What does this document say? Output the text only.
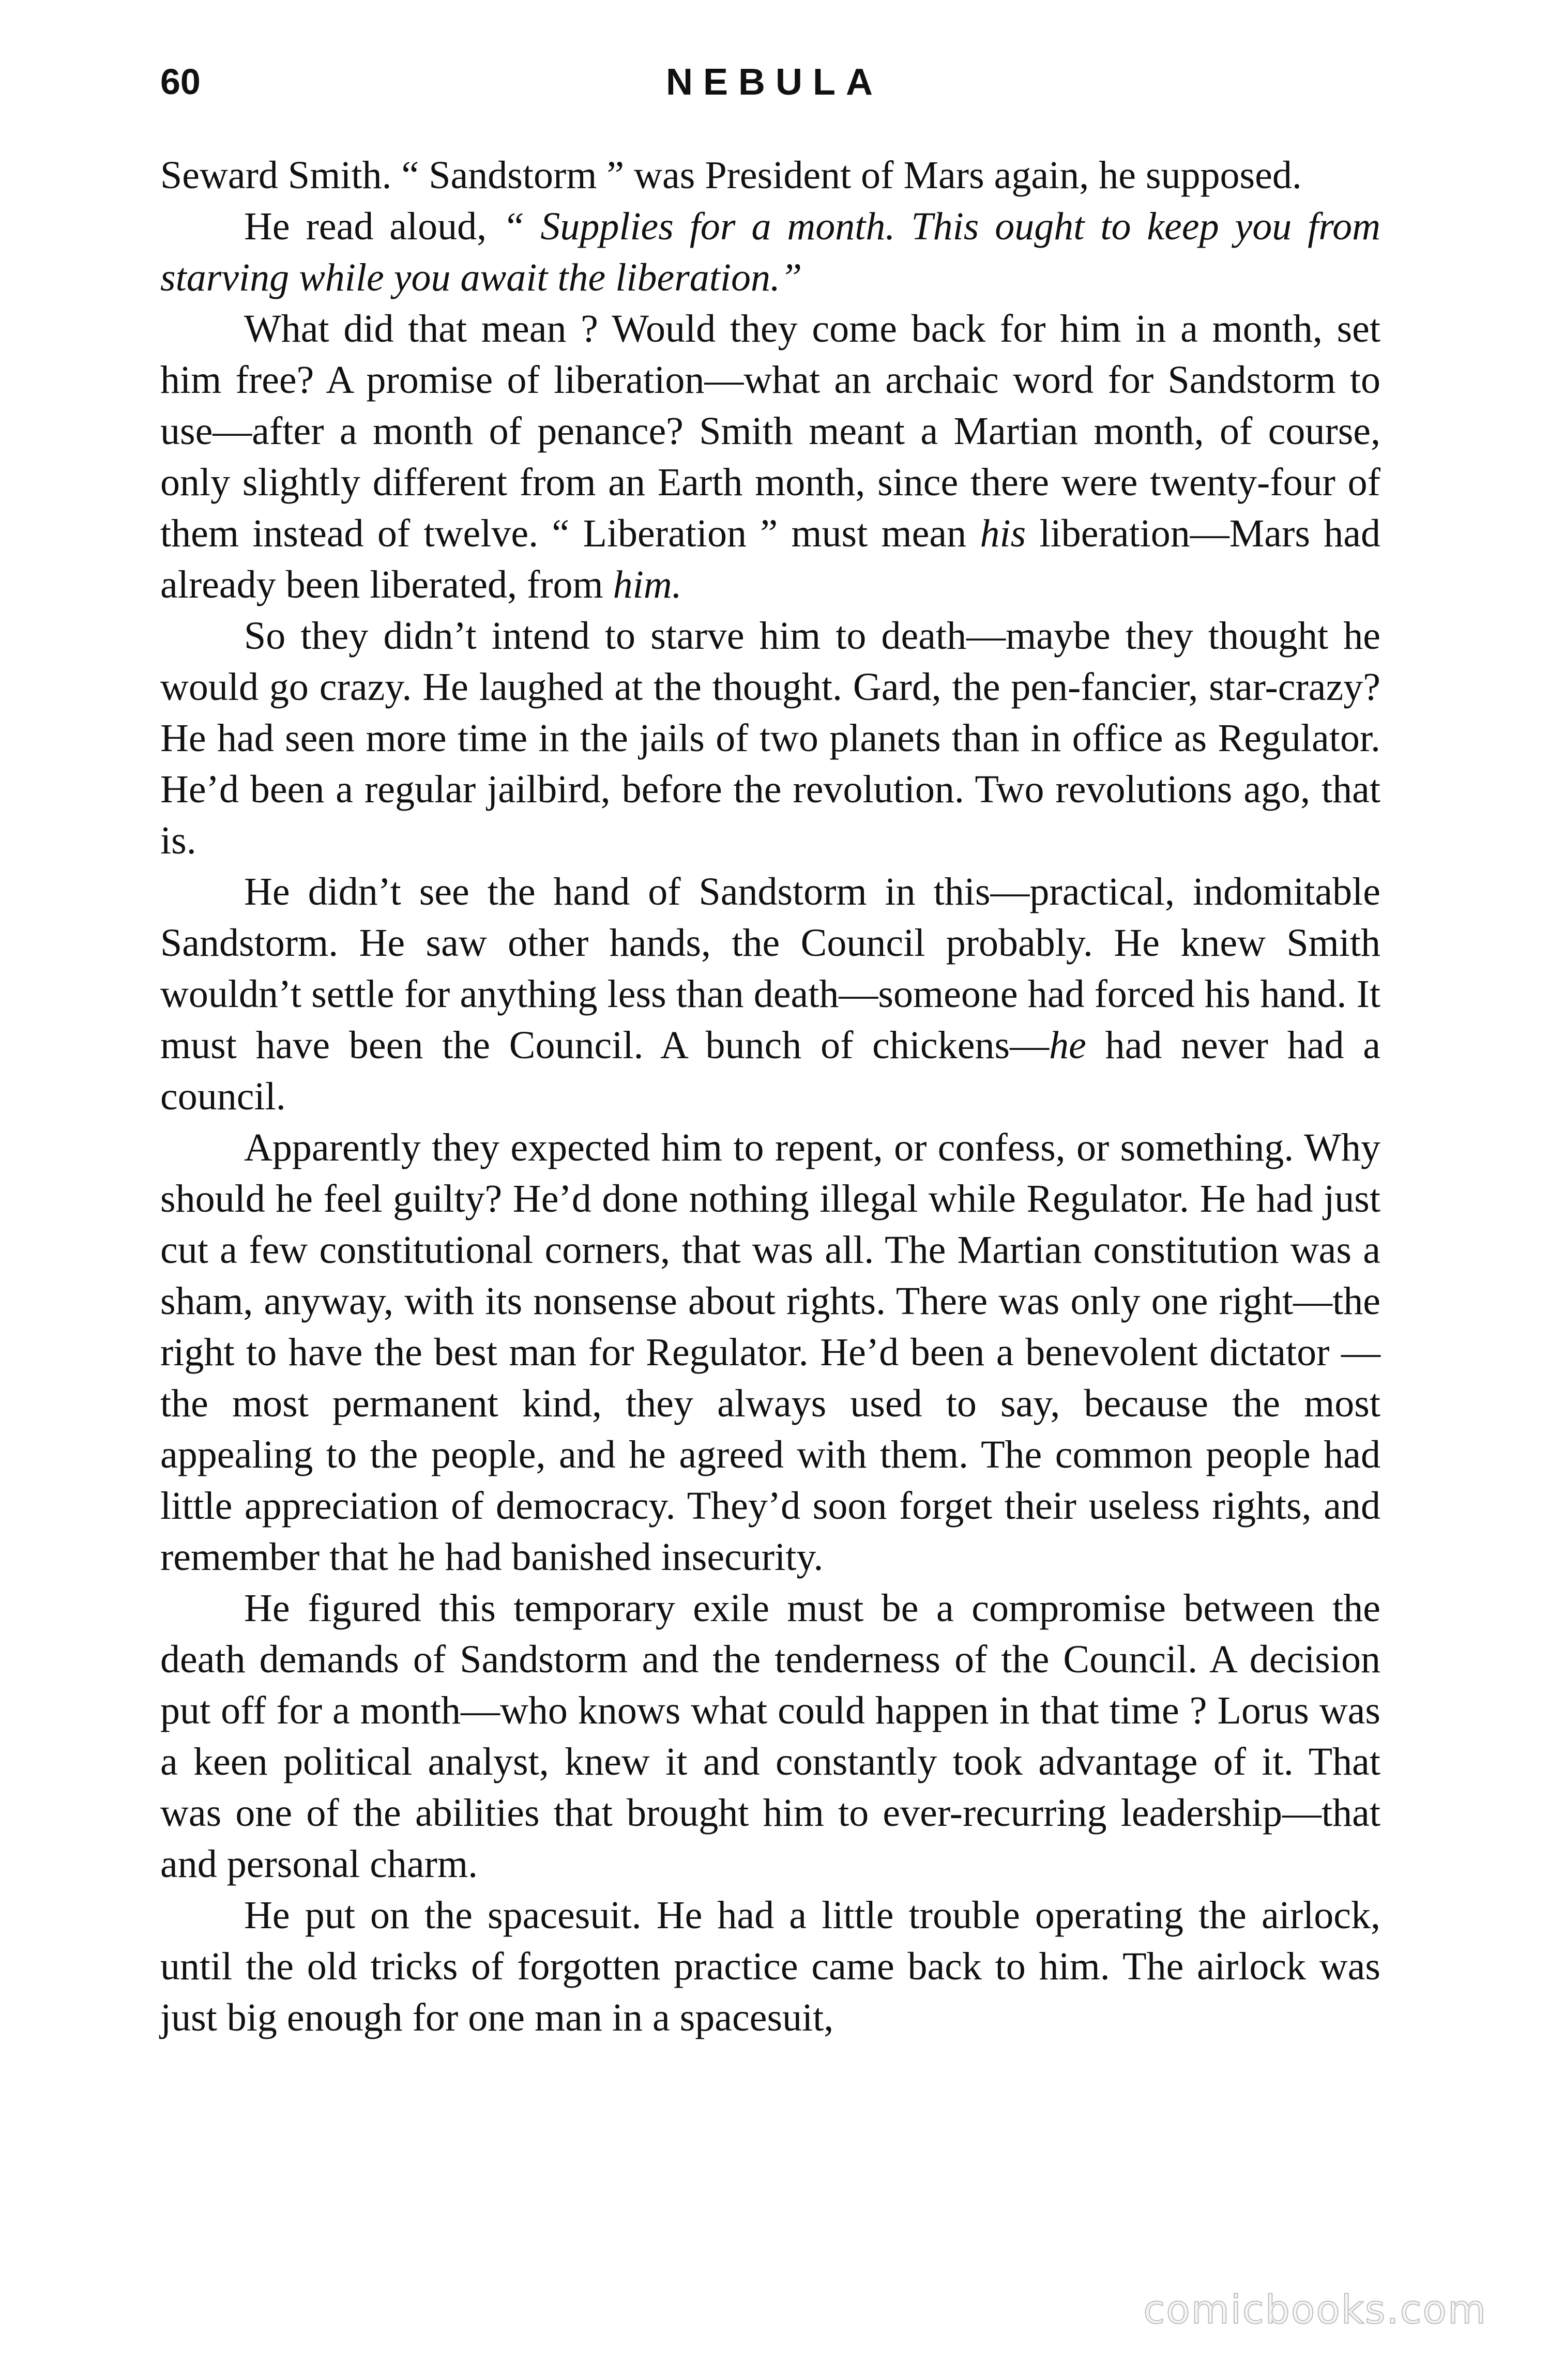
60	NEBULA

Seward Smith. “ Sandstorm ” was President of Mars again, he supposed.

He read aloud, “ Supplies for a month. This ought to keep you from starving while you await the liberation.”

What did that mean ? Would they come back for him in a month, set him free? A promise of liberation—what an archaic word for Sandstorm to use—after a month of penance? Smith meant a Martian month, of course, only slightly different from an Earth month, since there were twenty-four of them instead of twelve. “ Liberation ” must mean his liberation—Mars had already been liberated, from him.

So they didn’t intend to starve him to death—maybe they thought he would go crazy. He laughed at the thought. Gard, the pen-fancier, star-crazy? He had seen more time in the jails of two planets than in office as Regulator. He’d been a regular jailbird, before the revolution. Two revolutions ago, that is.

He didn’t see the hand of Sandstorm in this—practical, indomitable Sandstorm. He saw other hands, the Council probably. He knew Smith wouldn’t settle for anything less than death—someone had forced his hand. It must have been the Council. A bunch of chickens—he had never had a council.

Apparently they expected him to repent, or confess, or something. Why should he feel guilty? He’d done nothing illegal while Regulator. He had just cut a few constitutional corners, that was all. The Martian constitution was a sham, anyway, with its nonsense about rights. There was only one right—the right to have the best man for Regulator. He’d been a benevolent dictator —the most permanent kind, they always used to say, because the most appealing to the people, and he agreed with them. The common people had little appreciation of democracy. They’d soon forget their useless rights, and remember that he had banished insecurity.

He figured this temporary exile must be a compromise between the death demands of Sandstorm and the tenderness of the Council. A decision put off for a month—who knows what could happen in that time ? Lorus was a keen political analyst, knew it and constantly took advantage of it. That was one of the abilities that brought him to ever-recurring leadership—that and personal charm.

He put on the spacesuit. He had a little trouble operating the airlock, until the old tricks of forgotten practice came back to him. The airlock was just big enough for one man in a spacesuit,

comicbooks.com
